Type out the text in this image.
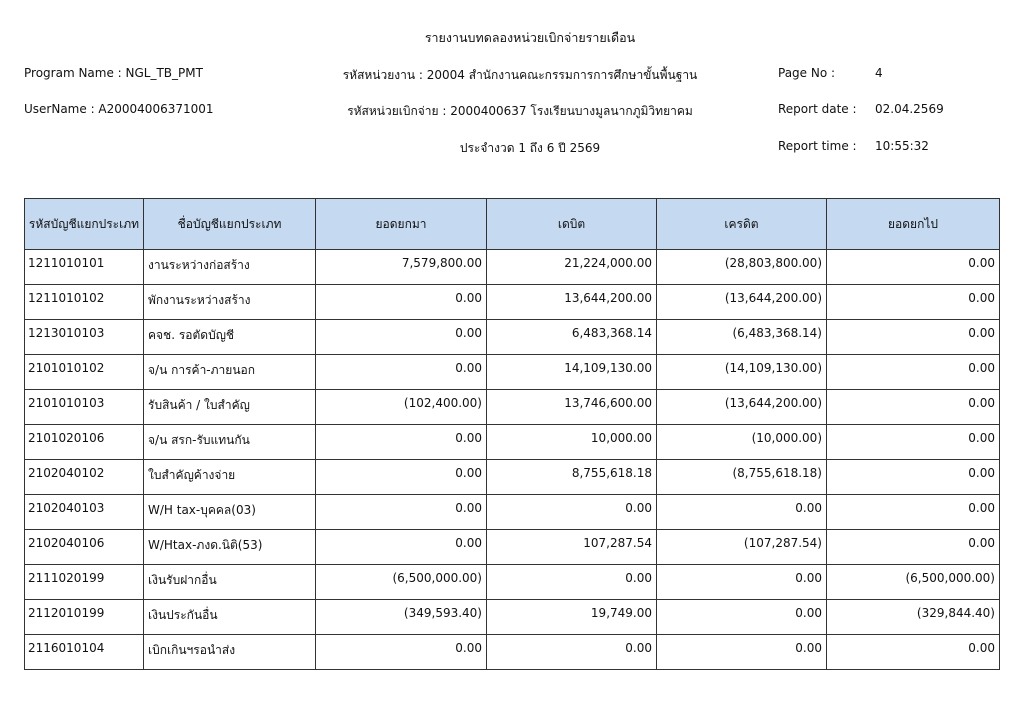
รายงานบทดลองหน่วยเบิกจ่ายรายเดือน
Program Name : NGL_TB_PMT
UserName : A20004006371001
รหัสหน่วยงาน : 20004 สำนักงานคณะกรรมการการศึกษาขั้นพื้นฐาน
รหัสหน่วยเบิกจ่าย : 2000400637 โรงเรียนบางมูลนากภูมิวิทยาคม
ประจำงวด 1 ถึง 6 ปี 2569
Page No :	4
Report date : 02.04.2569
Report time : 10:55:32
รหัสบัญชีแยกประเภท	ชื่อบัญชีแยกประเภท	ยอดยกมา	เดบิต	เครดิต	ยอดยกไป
1211010101	งานระหว่างก่อสร้าง	7,579,800.00	21,224,000.00	(28,803,800.00)	0.00
1211010102	พักงานระหว่างสร้าง	0.00	13,644,200.00	(13,644,200.00)	0.00
1213010103	คจช. รอตัดบัญชี	0.00	6,483,368.14	(6,483,368.14)	0.00
2101010102	จ/น การค้า-ภายนอก	0.00	14,109,130.00	(14,109,130.00)	0.00
2101010103	รับสินค้า / ใบสำคัญ	(102,400.00)	13,746,600.00	(13,644,200.00)	0.00
2101020106	จ/น สรก-รับแทนกัน	0.00	10,000.00	(10,000.00)	0.00
2102040102	ใบสำคัญค้างจ่าย	0.00	8,755,618.18	(8,755,618.18)	0.00
2102040103	W/H tax-บุคคล(03)	0.00	0.00	0.00	0.00
2102040106	W/Htax-ภงด.นิติ(53)	0.00	107,287.54	(107,287.54)	0.00
2111020199	เงินรับฝากอื่น	(6,500,000.00)	0.00	0.00	(6,500,000.00)
2112010199	เงินประกันอื่น	(349,593.40)	19,749.00	0.00	(329,844.40)
2116010104	เบิกเกินฯรอนำส่ง	0.00	0.00	0.00	0.00
